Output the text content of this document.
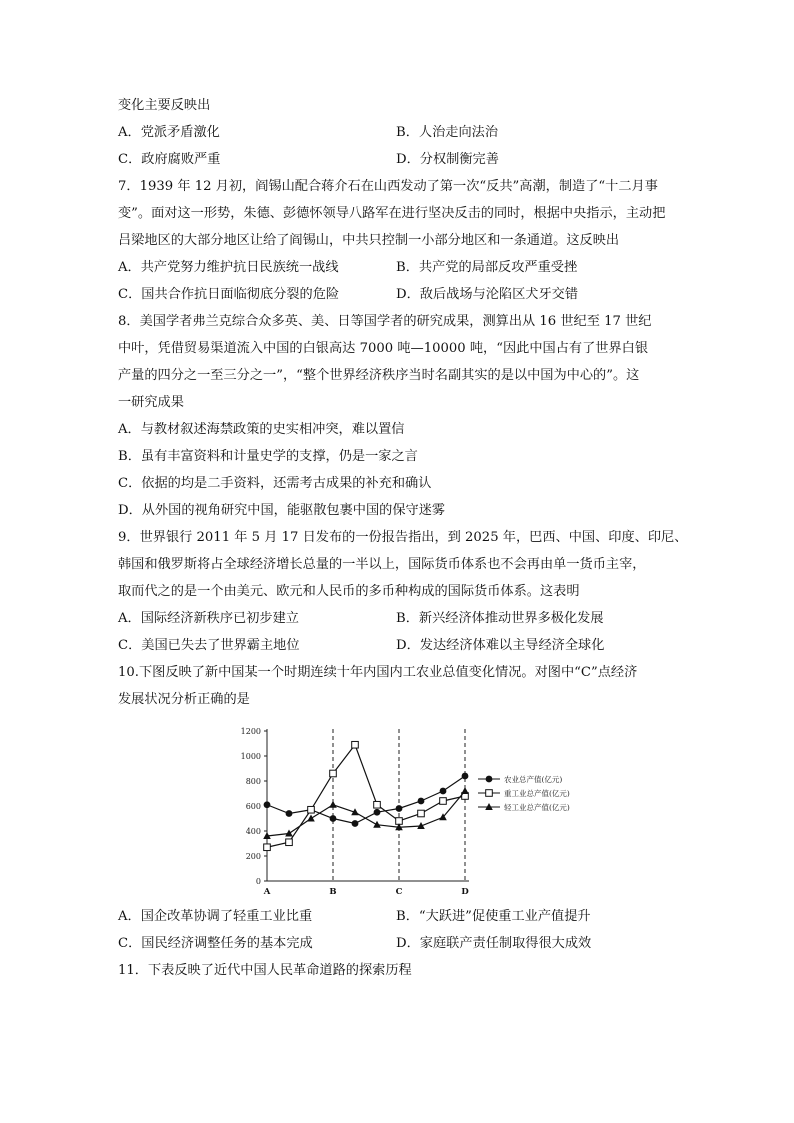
变化主要反映出
A．党派矛盾激化	B．人治走向法治
C．政府腐败严重	D．分权制衡完善
7．1939 年 12 月初，阎锡山配合蒋介石在山西发动了第一次“反共”高潮，制造了“十二月事
变”。面对这一形势，朱德、彭德怀领导八路军在进行坚决反击的同时，根据中央指示，主动把
吕梁地区的大部分地区让给了阎锡山，中共只控制一小部分地区和一条通道。这反映出
A．共产党努力维护抗日民族统一战线	B．共产党的局部反攻严重受挫
C．国共合作抗日面临彻底分裂的危险	D．敌后战场与沦陷区犬牙交错
8．美国学者弗兰克综合众多英、美、日等国学者的研究成果，测算出从 16 世纪至 17 世纪
中叶，凭借贸易渠道流入中国的白银高达 7000 吨—10000 吨，“因此中国占有了世界白银
产量的四分之一至三分之一”，“整个世界经济秩序当时名副其实的是以中国为中心的”。这
一研究成果
A．与教材叙述海禁政策的史实相冲突，难以置信
B．虽有丰富资料和计量史学的支撑，仍是一家之言
C．依据的均是二手资料，还需考古成果的补充和确认
D．从外国的视角研究中国，能驱散包裹中国的保守迷雾
9．世界银行 2011 年 5 月 17 日发布的一份报告指出，到 2025 年，巴西、中国、印度、印尼、
韩国和俄罗斯将占全球经济增长总量的一半以上，国际货币体系也不会再由单一货币主宰，
取而代之的是一个由美元、欧元和人民币的多币种构成的国际货币体系。这表明
A．国际经济新秩序已初步建立	B．新兴经济体推动世界多极化发展
C．美国已失去了世界霸主地位	D．发达经济体难以主导经济全球化
10.下图反映了新中国某一个时期连续十年内国内工农业总值变化情况。对图中“C”点经济
发展状况分析正确的是
0
200
400
600
800
1000
1200
A	B	C	D
农业总产值(亿元)
重工业总产值(亿元)
轻工业总产值(亿元)
A．国企改革协调了轻重工业比重	B．“大跃进”促使重工业产值提升
C．国民经济调整任务的基本完成	D．家庭联产责任制取得很大成效
11．下表反映了近代中国人民革命道路的探索历程
